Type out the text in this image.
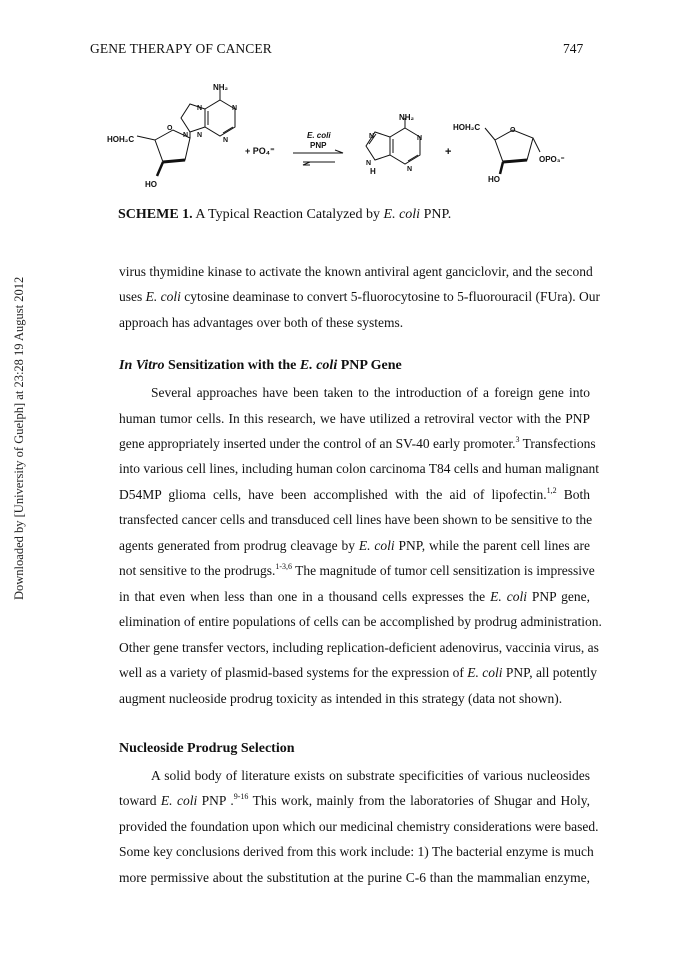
GENE THERAPY OF CANCER	747
Downloaded by [University of Guelph] at 23:28 19 August 2012
NH₂
N	N
N
N
N
HOH₂C
O
HO
+ PO₄⁼
E. coli
PNP
NH₂
N	N
N
N
H
+
HOH₂C	O
OPO₃⁼
HO
SCHEME 1. A Typical Reaction Catalyzed by E. coli PNP.
virus thymidine kinase to activate the known antiviral agent ganciclovir, and the second
uses E. coli cytosine deaminase to convert 5-fluorocytosine to 5-fluorouracil (FUra). Our
approach has advantages over both of these systems.
In Vitro Sensitization with the E. coli PNP Gene
Several approaches have been taken to the introduction of a foreign gene into
human tumor cells. In this research, we have utilized a retroviral vector with the PNP
gene appropriately inserted under the control of an SV-40 early promoter.$^3$ Transfections
into various cell lines, including human colon carcinoma T84 cells and human malignant
D54MP glioma cells, have been accomplished with the aid of lipofectin.$^{1,2}$ Both
transfected cancer cells and transduced cell lines have been shown to be sensitive to the
agents generated from prodrug cleavage by E. coli PNP, while the parent cell lines are
not sensitive to the prodrugs.$^{1-3,6}$ The magnitude of tumor cell sensitization is impressive
in that even when less than one in a thousand cells expresses the E. coli PNP gene,
elimination of entire populations of cells can be accomplished by prodrug administration.
Other gene transfer vectors, including replication-deficient adenovirus, vaccinia virus, as
well as a variety of plasmid-based systems for the expression of E. coli PNP, all potently
augment nucleoside prodrug toxicity as intended in this strategy (data not shown).
Nucleoside Prodrug Selection
A solid body of literature exists on substrate specificities of various nucleosides
toward E. coli PNP .$^{9-16}$ This work, mainly from the laboratories of Shugar and Holy,
provided the foundation upon which our medicinal chemistry considerations were based.
Some key conclusions derived from this work include: 1) The bacterial enzyme is much
more permissive about the substitution at the purine C-6 than the mammalian enzyme,
